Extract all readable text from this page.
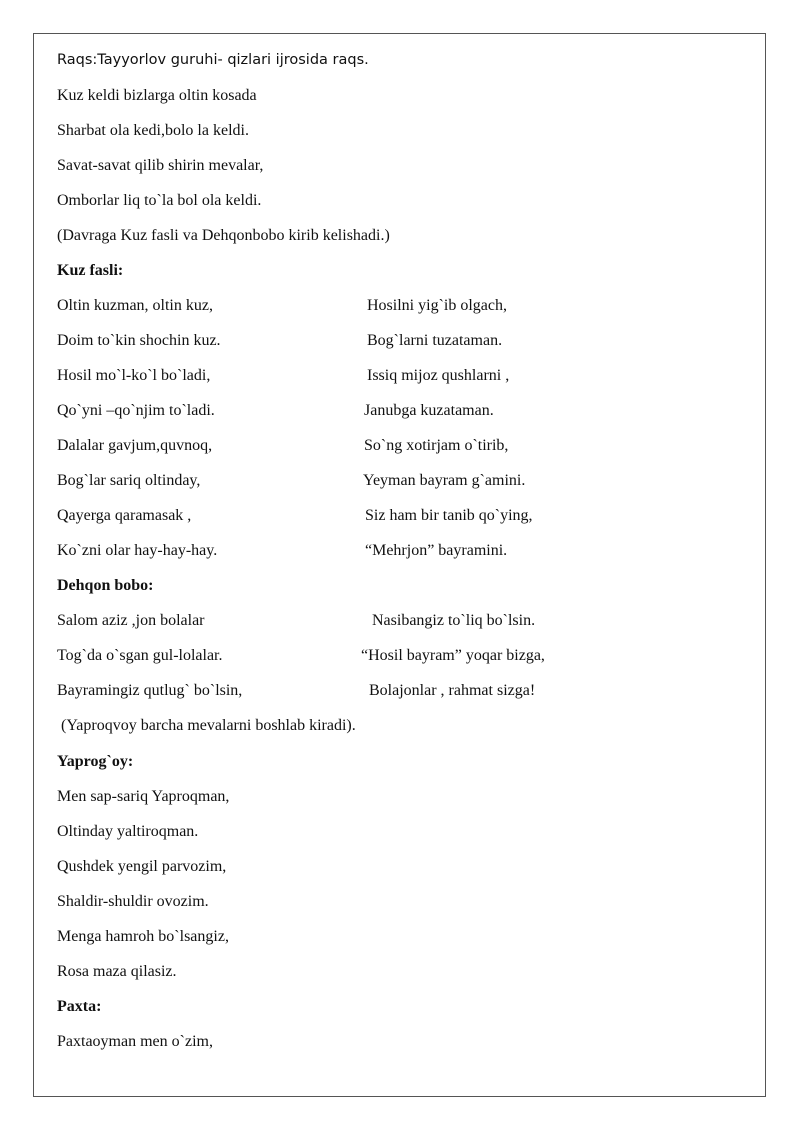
Raqs:Tayyorlov guruhi- qizlari ijrosida raqs.
Kuz keldi bizlarga oltin kosada
Sharbat ola kedi,bolo la keldi.
Savat-savat qilib shirin mevalar,
Omborlar liq to`la bol ola keldi.
(Davraga Kuz fasli va Dehqonbobo kirib kelishadi.)
Kuz fasli:
Oltin kuzman, oltin kuz,	Hosilni yig`ib olgach,
Doim to`kin shochin kuz.	Bog`larni tuzataman.
Hosil mo`l-ko`l bo`ladi,	Issiq mijoz qushlarni ,
Qo`yni –qo`njim to`ladi.	Janubga kuzataman.
Dalalar gavjum,quvnoq,	So`ng xotirjam o`tirib,
Bog`lar sariq oltinday,	Yeyman bayram g`amini.
Qayerga qaramasak ,	Siz ham bir tanib qo`ying,
Ko`zni olar hay-hay-hay.	“Mehrjon” bayramini.
Dehqon bobo:
Salom aziz ,jon bolalar	Nasibangiz to`liq bo`lsin.
Tog`da o`sgan gul-lolalar.	“Hosil bayram” yoqar bizga,
Bayramingiz qutlug` bo`lsin,	Bolajonlar , rahmat sizga!
(Yaproqvoy barcha mevalarni boshlab kiradi).
Yaprog`oy:
Men sap-sariq Yaproqman,
Oltinday yaltiroqman.
Qushdek yengil parvozim,
Shaldir-shuldir ovozim.
Menga hamroh bo`lsangiz,
Rosa maza qilasiz.
Paxta:
Paxtaoyman men o`zim,
